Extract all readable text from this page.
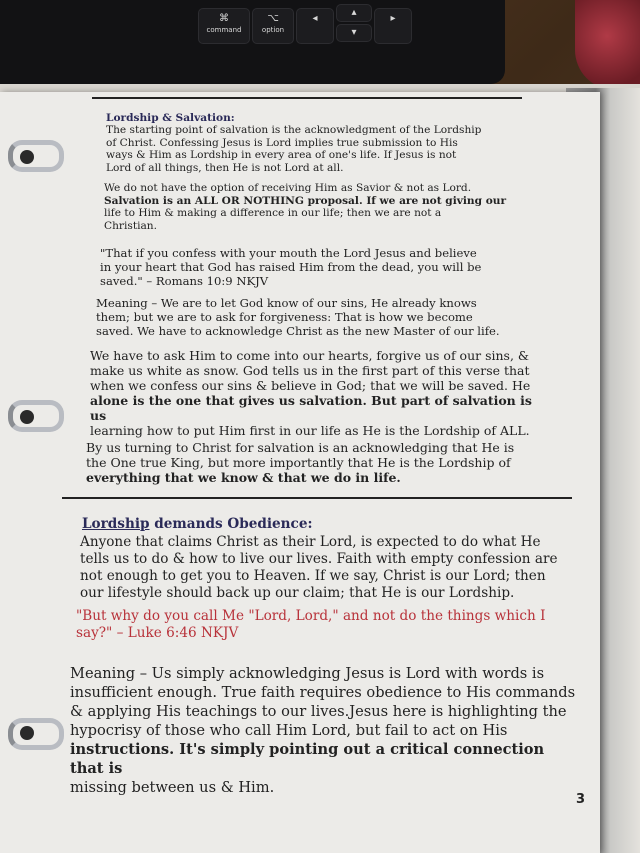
⌘
command
⌥
option
◂
▴
▾
▸

Lordship & Salvation:

The starting point of salvation is the acknowledgment of the Lordship

of Christ. Confessing Jesus is Lord implies true submission to His

ways & Him as Lordship in every area of one's life. If Jesus is not

Lord of all things, then He is not Lord at all.

We do not have the option of receiving Him as Savior & not as Lord.

Salvation is an ALL OR NOTHING proposal. If we are not giving our

life to Him & making a difference in our life; then we are not a

Christian.

"That if you confess with your mouth the Lord Jesus and believe

in your heart that God has raised Him from the dead, you will be

saved." – Romans 10:9 NKJV

Meaning – We are to let God know of our sins, He already knows

them; but we are to ask for forgiveness: That is how we become

saved. We have to acknowledge Christ as the new Master of our life.

We have to ask Him to come into our hearts, forgive us of our sins, &

make us white as snow. God tells us in the first part of this verse that

when we confess our sins & believe in God; that we will be saved. He

alone is the one that gives us salvation. But part of salvation is us

learning how to put Him first in our life as He is the Lordship of ALL.

By us turning to Christ for salvation is an acknowledging that He is

the One true King, but more importantly that He is the Lordship of

everything that we know & that we do in life.

Lordship demands Obedience:

Anyone that claims Christ as their Lord, is expected to do what He

tells us to do & how to live our lives. Faith with empty confession are

not enough to get you to Heaven. If we say, Christ is our Lord; then

our lifestyle should back up our claim; that He is our Lordship.

"But why do you call Me "Lord, Lord," and not do the things which I

say?" – Luke 6:46 NKJV

Meaning – Us simply acknowledging Jesus is Lord with words is

insufficient enough. True faith requires obedience to His commands

& applying His teachings to our lives.Jesus here is highlighting the

hypocrisy of those who call Him Lord, but fail to act on His

instructions. It's simply pointing out a critical connection that is

missing between us & Him.

3
